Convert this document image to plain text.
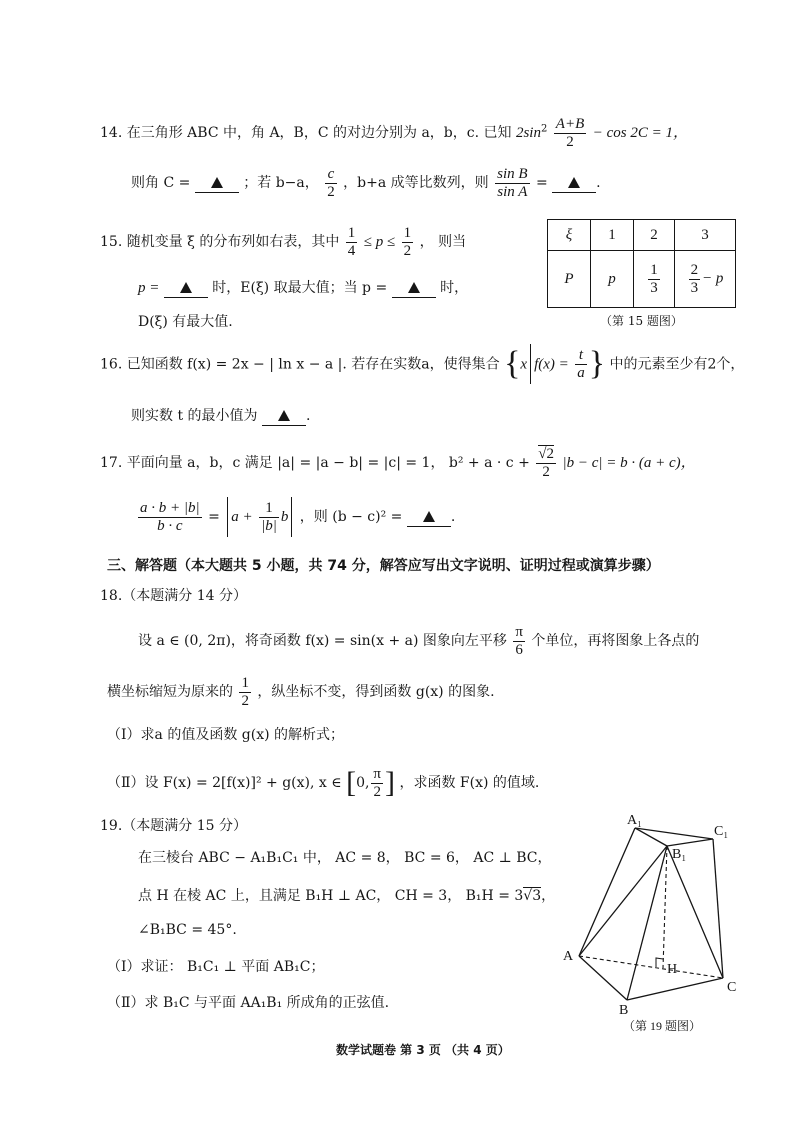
14. 在三角形 ABC 中，角 A，B，C 的对边分别为 a，b，c. 已知 $2\sin^2 \frac{A+B}{2} - \cos 2C = 1$，
则角 C =	；若 b−a， $\frac{c}{2}$ ，b+a 成等比数列，则 $\frac{\text{sin B}}{\text{sin A}}$ =	.
15. 随机变量 ξ 的分布列如右表，其中 $\frac{1}{4} \le p \le \frac{1}{2}$ ， 则当
p =	时，E(ξ) 取最大值；当 p =	时，
D(ξ) 有最大值.
ξ	1	2	3
P	p	$\frac{1}{3}$	$\frac{2}{3} - p$
（第 15 题图）
16. 已知函数 f(x) = 2x − | ln x − a |. 若存在实数a，使得集合 {x $f(x) = \frac{t}{a}$ } 中的元素至少有2个，
则实数 t 的最小值为	.
17. 平面向量 a，b，c 满足 |a| = |a − b| = |c| = 1， $b^2 + a \cdot c + \frac{√2}{2} |b - c| = b \cdot (a + c)$，
$\frac{a \cdot b + |b|}{b \cdot c} = a + \frac{1}{|b|}$ b ，则 (b − c)² =	.
三、解答题（本大题共 5 小题，共 74 分，解答应写出文字说明、证明过程或演算步骤）
18.（本题满分 14 分）
设 a ∈ (0, 2π)，将奇函数 f(x) = sin(x + a) 图象向左平移 $\frac{\pi}{6}$ 个单位，再将图象上各点的
横坐标缩短为原来的 $\frac{1}{2}$ ，纵坐标不变，得到函数 g(x) 的图象.
（Ⅰ）求a 的值及函数 g(x) 的解析式；
（Ⅱ）设 F(x) = 2[f(x)]² + g(x), x ∈ [0, $\frac{\pi}{2}$ ] ，求函数 F(x) 的值域.
19.（本题满分 15 分）
在三棱台 ABC − A₁B₁C₁ 中， AC = 8， BC = 6， AC ⊥ BC，
点 H 在棱 AC 上，且满足 B₁H ⊥ AC， CH = 3， B₁H = 3√3，
∠B₁BC = 45°.
（Ⅰ）求证： B₁C₁ ⊥ 平面 AB₁C；
（Ⅱ）求 B₁C 与平面 AA₁B₁ 所成角的正弦值.
A₁
C₁
B₁
A
H
C
B
（第 19 题图）
数学试题卷 第 3 页 （共 4 页）
